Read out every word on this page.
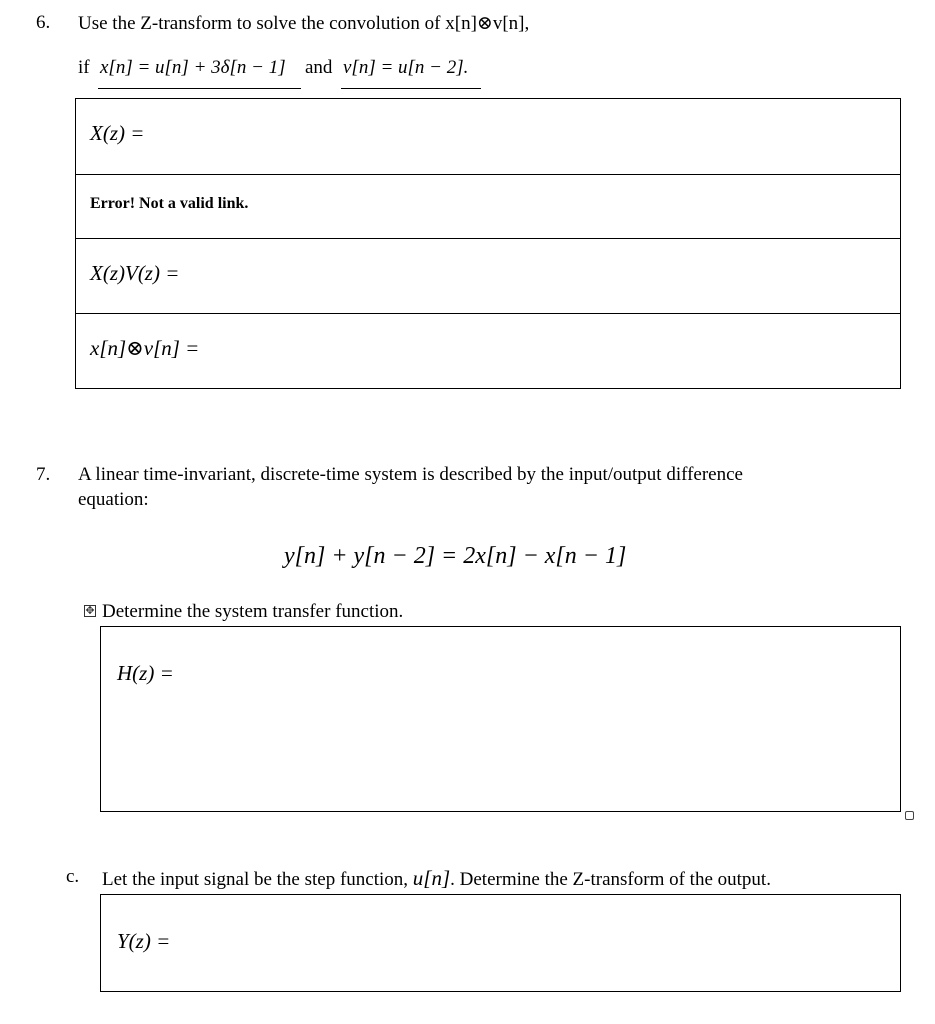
6. Use the Z-transform to solve the convolution of x[n]⊗v[n],
if x[n] = u[n] + 3δ[n − 1] and v[n] = u[n − 2].
X(z) =
Error! Not a valid link.
X(z)V(z) =
x[n]⊗v[n] =
7. A linear time-invariant, discrete-time system is described by the input/output difference
equation:
y[n] + y[n − 2] = 2x[n] − x[n − 1]
✥ Determine the system transfer function.
H(z) =
c. Let the input signal be the step function, u[n]. Determine the Z-transform of the output.
Y(z) =
